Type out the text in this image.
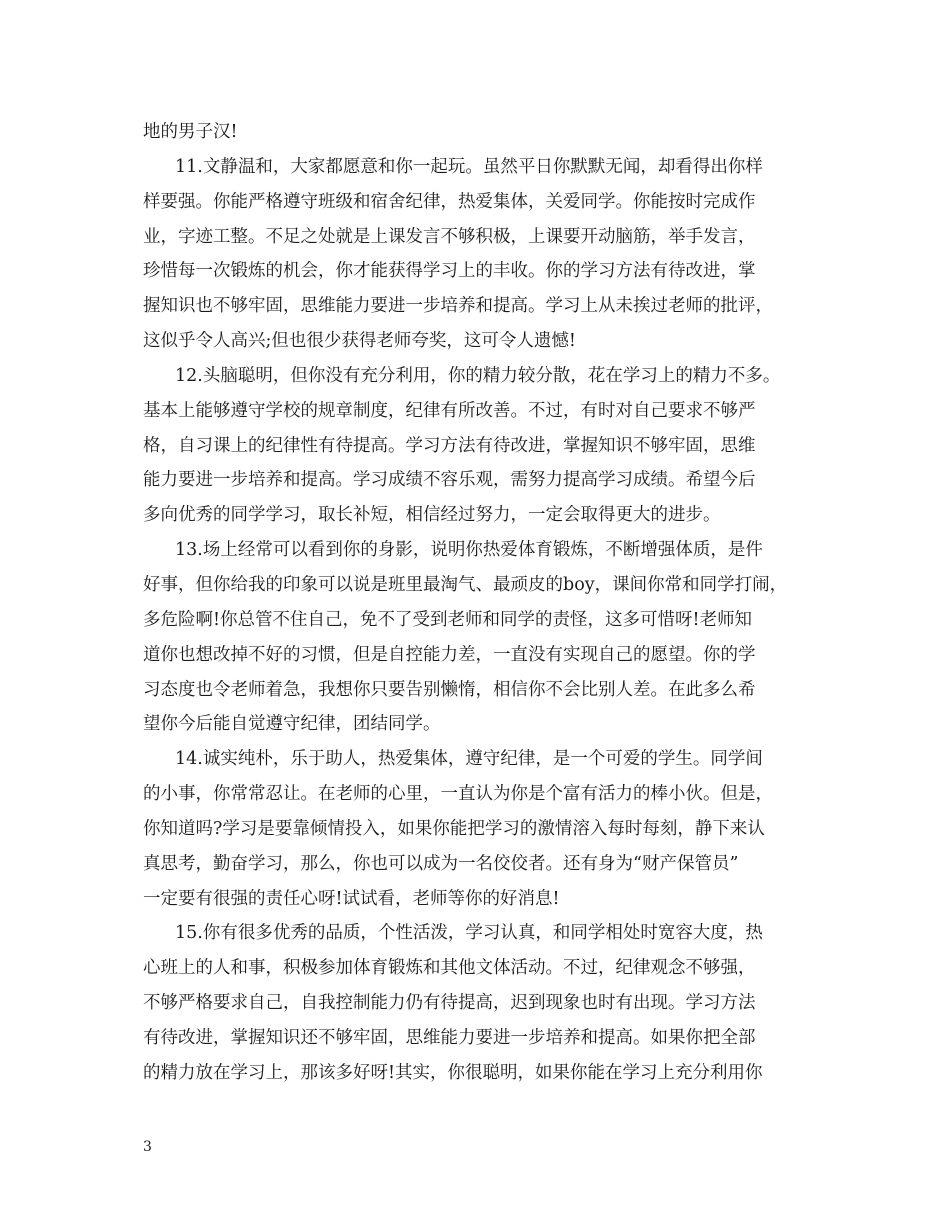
地的男子汉!
11.文静温和，大家都愿意和你一起玩。虽然平日你默默无闻，却看得出你样
样要强。你能严格遵守班级和宿舍纪律，热爱集体，关爱同学。你能按时完成作
业，字迹工整。不足之处就是上课发言不够积极，上课要开动脑筋，举手发言，
珍惜每一次锻炼的机会，你才能获得学习上的丰收。你的学习方法有待改进，掌
握知识也不够牢固，思维能力要进一步培养和提高。学习上从未挨过老师的批评，
这似乎令人高兴;但也很少获得老师夸奖，这可令人遗憾!
12.头脑聪明，但你没有充分利用，你的精力较分散，花在学习上的精力不多。
基本上能够遵守学校的规章制度，纪律有所改善。不过，有时对自己要求不够严
格，自习课上的纪律性有待提高。学习方法有待改进，掌握知识不够牢固，思维
能力要进一步培养和提高。学习成绩不容乐观，需努力提高学习成绩。希望今后
多向优秀的同学学习，取长补短，相信经过努力，一定会取得更大的进步。
13.场上经常可以看到你的身影，说明你热爱体育锻炼，不断增强体质，是件
好事，但你给我的印象可以说是班里最淘气、最顽皮的boy，课间你常和同学打闹，
多危险啊!你总管不住自己，免不了受到老师和同学的责怪，这多可惜呀!老师知
道你也想改掉不好的习惯，但是自控能力差，一直没有实现自己的愿望。你的学
习态度也令老师着急，我想你只要告别懒惰，相信你不会比别人差。在此多么希
望你今后能自觉遵守纪律，团结同学。
14.诚实纯朴，乐于助人，热爱集体，遵守纪律，是一个可爱的学生。同学间
的小事，你常常忍让。在老师的心里，一直认为你是个富有活力的棒小伙。但是，
你知道吗?学习是要靠倾情投入，如果你能把学习的激情溶入每时每刻，静下来认
真思考，勤奋学习，那么，你也可以成为一名佼佼者。还有身为“财产保管员”
一定要有很强的责任心呀!试试看，老师等你的好消息!
15.你有很多优秀的品质，个性活泼，学习认真，和同学相处时宽容大度，热
心班上的人和事，积极参加体育锻炼和其他文体活动。不过，纪律观念不够强，
不够严格要求自己，自我控制能力仍有待提高，迟到现象也时有出现。学习方法
有待改进，掌握知识还不够牢固，思维能力要进一步培养和提高。如果你把全部
的精力放在学习上，那该多好呀!其实，你很聪明，如果你能在学习上充分利用你
3
